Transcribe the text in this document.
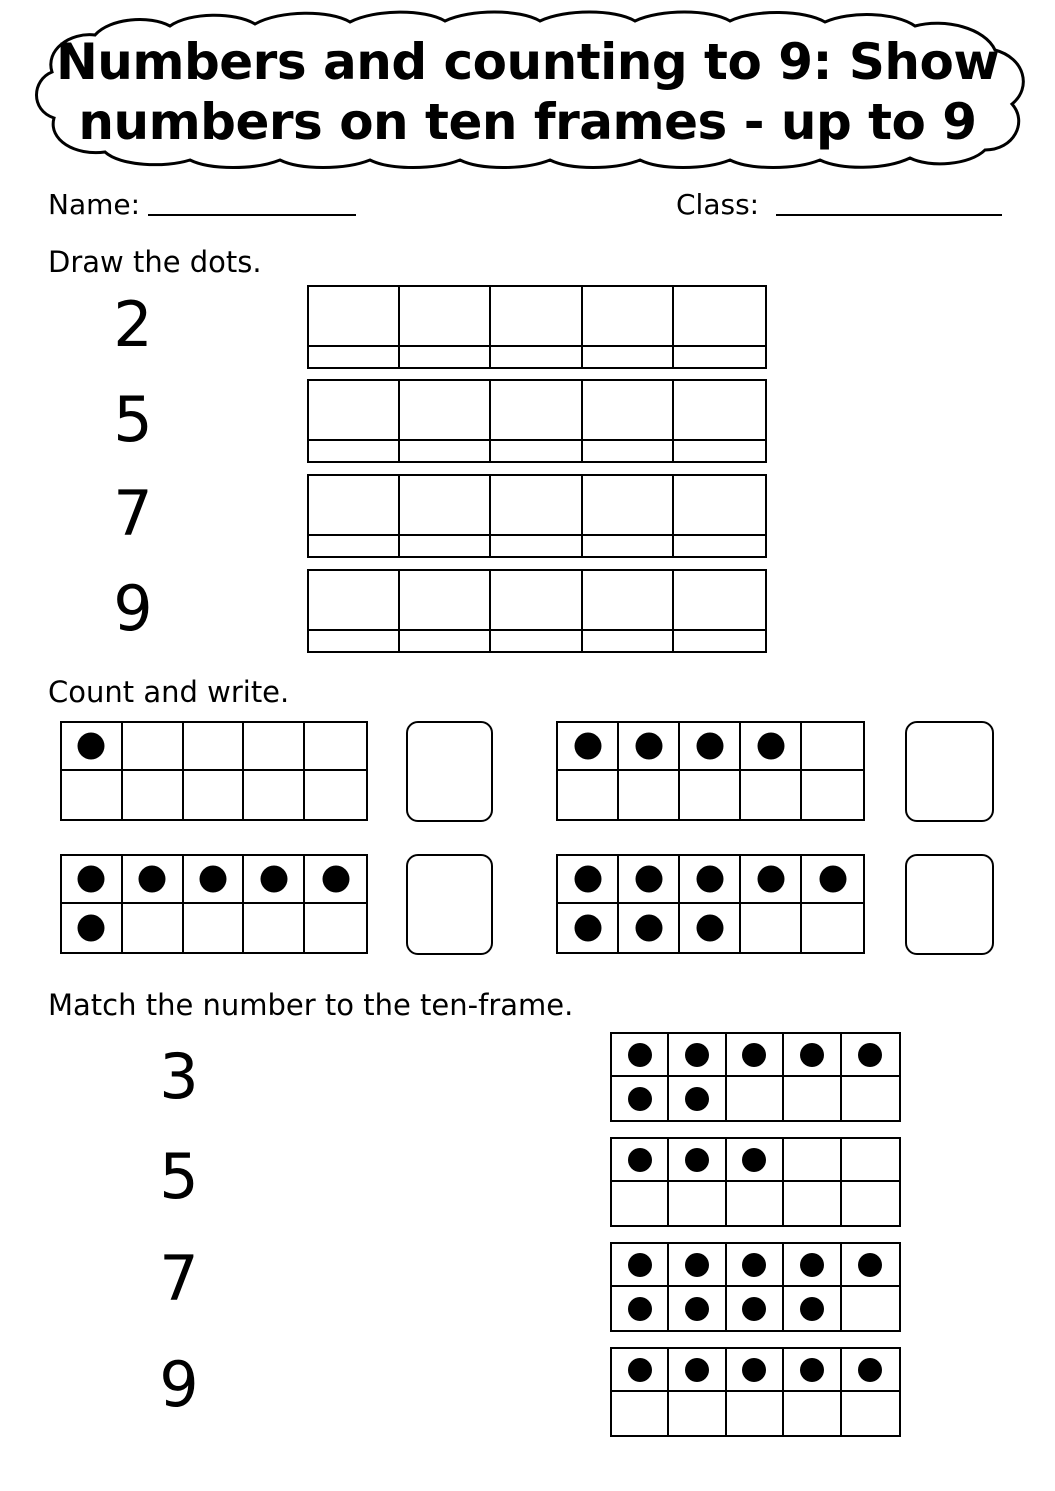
Numbers and counting to 9: Show
numbers on ten frames - up to 9
Name:	Class:
Draw the dots.
2
5
7
9
Count and write.
Match the number to the ten-frame.
3
5
7
9
